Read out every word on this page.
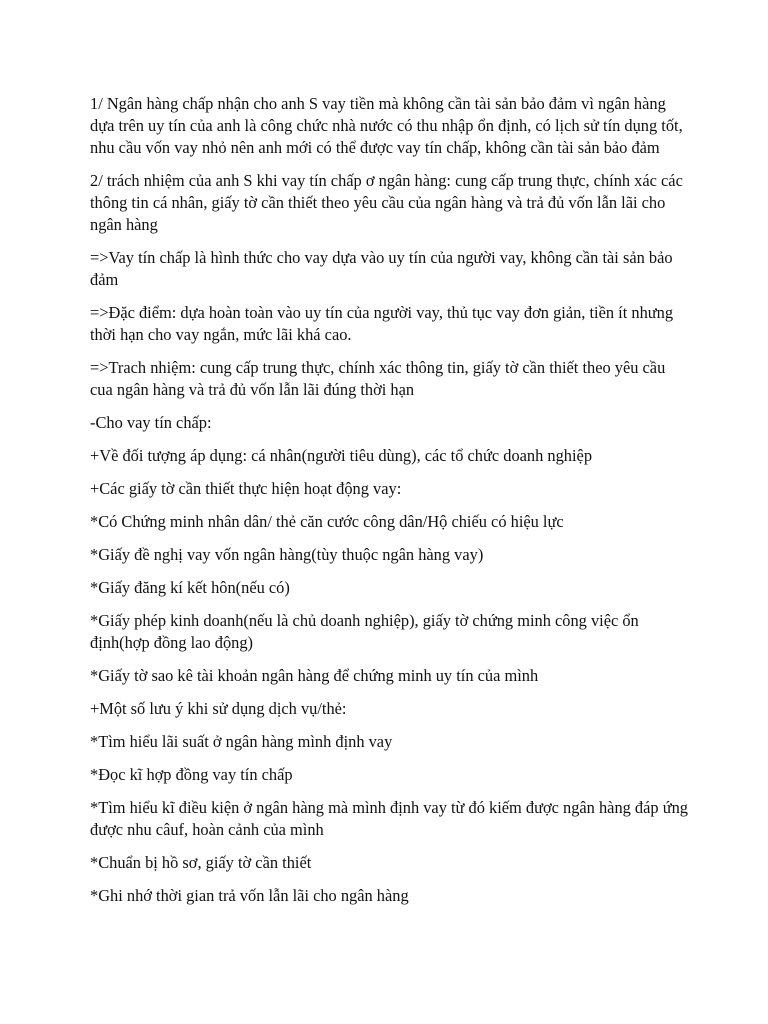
1/ Ngân hàng chấp nhận cho anh S vay tiền mà không cần tài sản bảo đảm vì ngân hàng dựa trên uy tín của anh là công chức nhà nước có thu nhập ổn định, có lịch sử tín dụng tốt, nhu cầu vốn vay nhỏ nên anh mới có thể được vay tín chấp, không cần tài sản bảo đảm

2/ trách nhiệm của anh S khi vay tín chấp ơ ngân hàng: cung cấp trung thực, chính xác các thông tin cá nhân, giấy tờ cần thiết theo yêu cầu của ngân hàng và trả đủ vốn lẫn lãi cho ngân hàng

=>Vay tín chấp là hình thức cho vay dựa vào uy tín của người vay, không cần tài sản bảo đảm

=>Đặc điểm: dựa hoàn toàn vào uy tín của người vay, thủ tục vay đơn giản, tiền ít nhưng thời hạn cho vay ngắn, mức lãi khá cao.

=>Trach nhiệm: cung cấp trung thực, chính xác thông tin, giấy tờ cần thiết theo yêu cầu cua ngân hàng và trả đủ vốn lẫn lãi đúng thời hạn

-Cho vay tín chấp:

+Về đối tượng áp dụng: cá nhân(người tiêu dùng), các tổ chức doanh nghiệp

+Các giấy tờ cần thiết thực hiện hoạt động vay:

*Có Chứng minh nhân dân/ thẻ căn cước công dân/Hộ chiếu có hiệu lực

*Giấy đề nghị vay vốn ngân hàng(tùy thuộc ngân hàng vay)

*Giấy đăng kí kết hôn(nếu có)

*Giấy phép kinh doanh(nếu là chủ doanh nghiệp), giấy tờ chứng minh công việc ổn định(hợp đồng lao động)

*Giấy tờ sao kê tài khoản ngân hàng để chứng minh uy tín của mình

+Một số lưu ý khi sử dụng dịch vụ/thẻ:

*Tìm hiểu lãi suất ở ngân hàng mình định vay

*Đọc kĩ hợp đồng vay tín chấp

*Tìm hiểu kĩ điều kiện ở ngân hàng mà mình định vay từ đó kiếm được ngân hàng đáp ứng được nhu câuf, hoàn cảnh của mình

*Chuẩn bị hồ sơ, giấy tờ cần thiết

*Ghi nhớ thời gian trả vốn lẫn lãi cho ngân hàng
